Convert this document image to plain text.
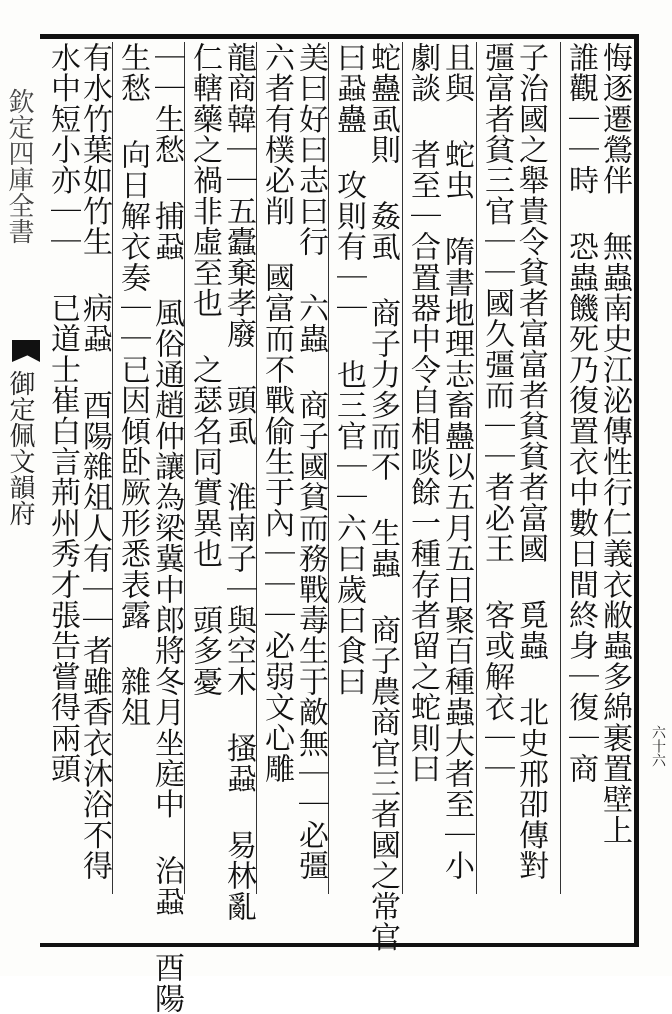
欽定四庫全書
御定佩文韻府	悔逐遷鶯伴 無蟲南史江泌傳性行仁義衣敝蟲多綿裹置壁上
誰觀｜｜時 恐蟲饑死乃復置衣中數日間終身｜復｜商
子治國之舉貴令貧者富富者貧貧者富國 覓蟲 北史邢卲傳對
彊富者貧三官｜｜國久彊而｜｜者必王 客或解衣｜｜
且與 蛇虫 隋書地理志畜蠱以五月五日聚百種蟲大者至｜小
劇談 者至｜合置器中令自相啖餘一種存者留之蛇則曰
蛇蠱虱則 姦虱 商子力多而不 生蟲 商子農商官三者國之常官
曰蝨蠱 攻則有｜｜ 也三官｜｜六曰歲曰食曰
美曰好曰志曰行 六蟲 商子國貧而務戰毒生于敵無｜｜必彊
六者有樸必削 國富而不戰偷生于內｜｜｜必弱文心雕
龍商韓｜｜五蠹棄孝廢 頭虱 淮南子｜與空木 搔蝨 易林亂
仁轄藥之禍非虛至也 之瑟名同實異也 頭多憂
｜｜生愁 捕蝨 風俗通趙仲讓為梁冀中郎將冬月坐庭中 治蝨 酉陽
生愁 向日解衣奏｜｜已因傾卧厥形悉表露 雜俎
有水竹葉如竹生 病蝨 酉陽雜俎人有｜｜者雖香衣沐浴不得
水中短小亦｜｜ 已道士崔白言荊州秀才張告嘗得兩頭	六十六
